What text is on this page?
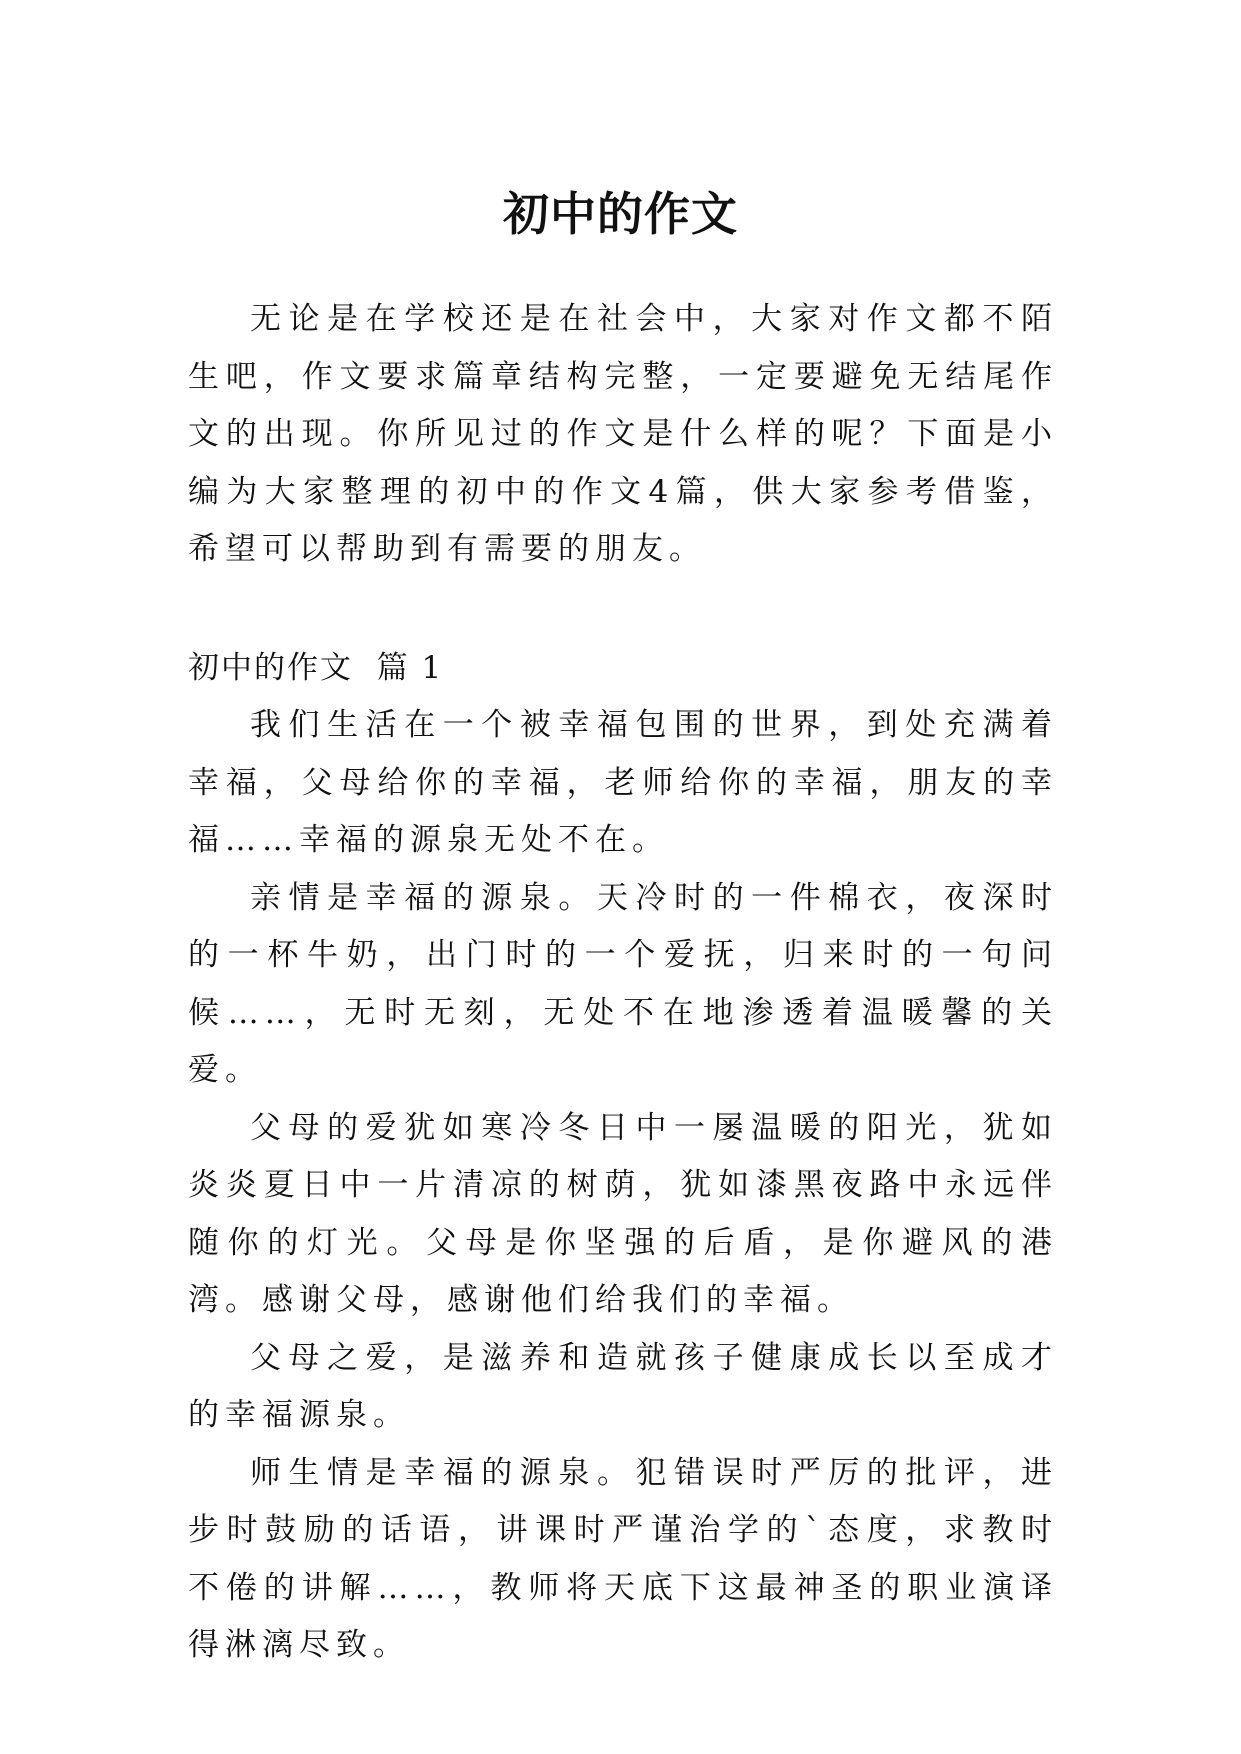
初中的作文

无论是在学校还是在社会中，大家对作文都不陌生吧，作文要求篇章结构完整，一定要避免无结尾作文的出现。你所见过的作文是什么样的呢？下面是小编为大家整理的初中的作文4篇，供大家参考借鉴，希望可以帮助到有需要的朋友。

初中的作文  篇 1

我们生活在一个被幸福包围的世界，到处充满着幸福，父母给你的幸福，老师给你的幸福，朋友的幸福……幸福的源泉无处不在。

亲情是幸福的源泉。天冷时的一件棉衣，夜深时的一杯牛奶，出门时的一个爱抚，归来时的一句问候……，无时无刻，无处不在地渗透着温暖馨的关爱。

父母的爱犹如寒冷冬日中一屡温暖的阳光，犹如炎炎夏日中一片清凉的树荫，犹如漆黑夜路中永远伴随你的灯光。父母是你坚强的后盾，是你避风的港湾。感谢父母，感谢他们给我们的幸福。

父母之爱，是滋养和造就孩子健康成长以至成才的幸福源泉。

师生情是幸福的源泉。犯错误时严厉的批评，进步时鼓励的话语，讲课时严谨治学的`态度，求教时不倦的讲解……，教师将天底下这最神圣的职业演译得淋漓尽致。
